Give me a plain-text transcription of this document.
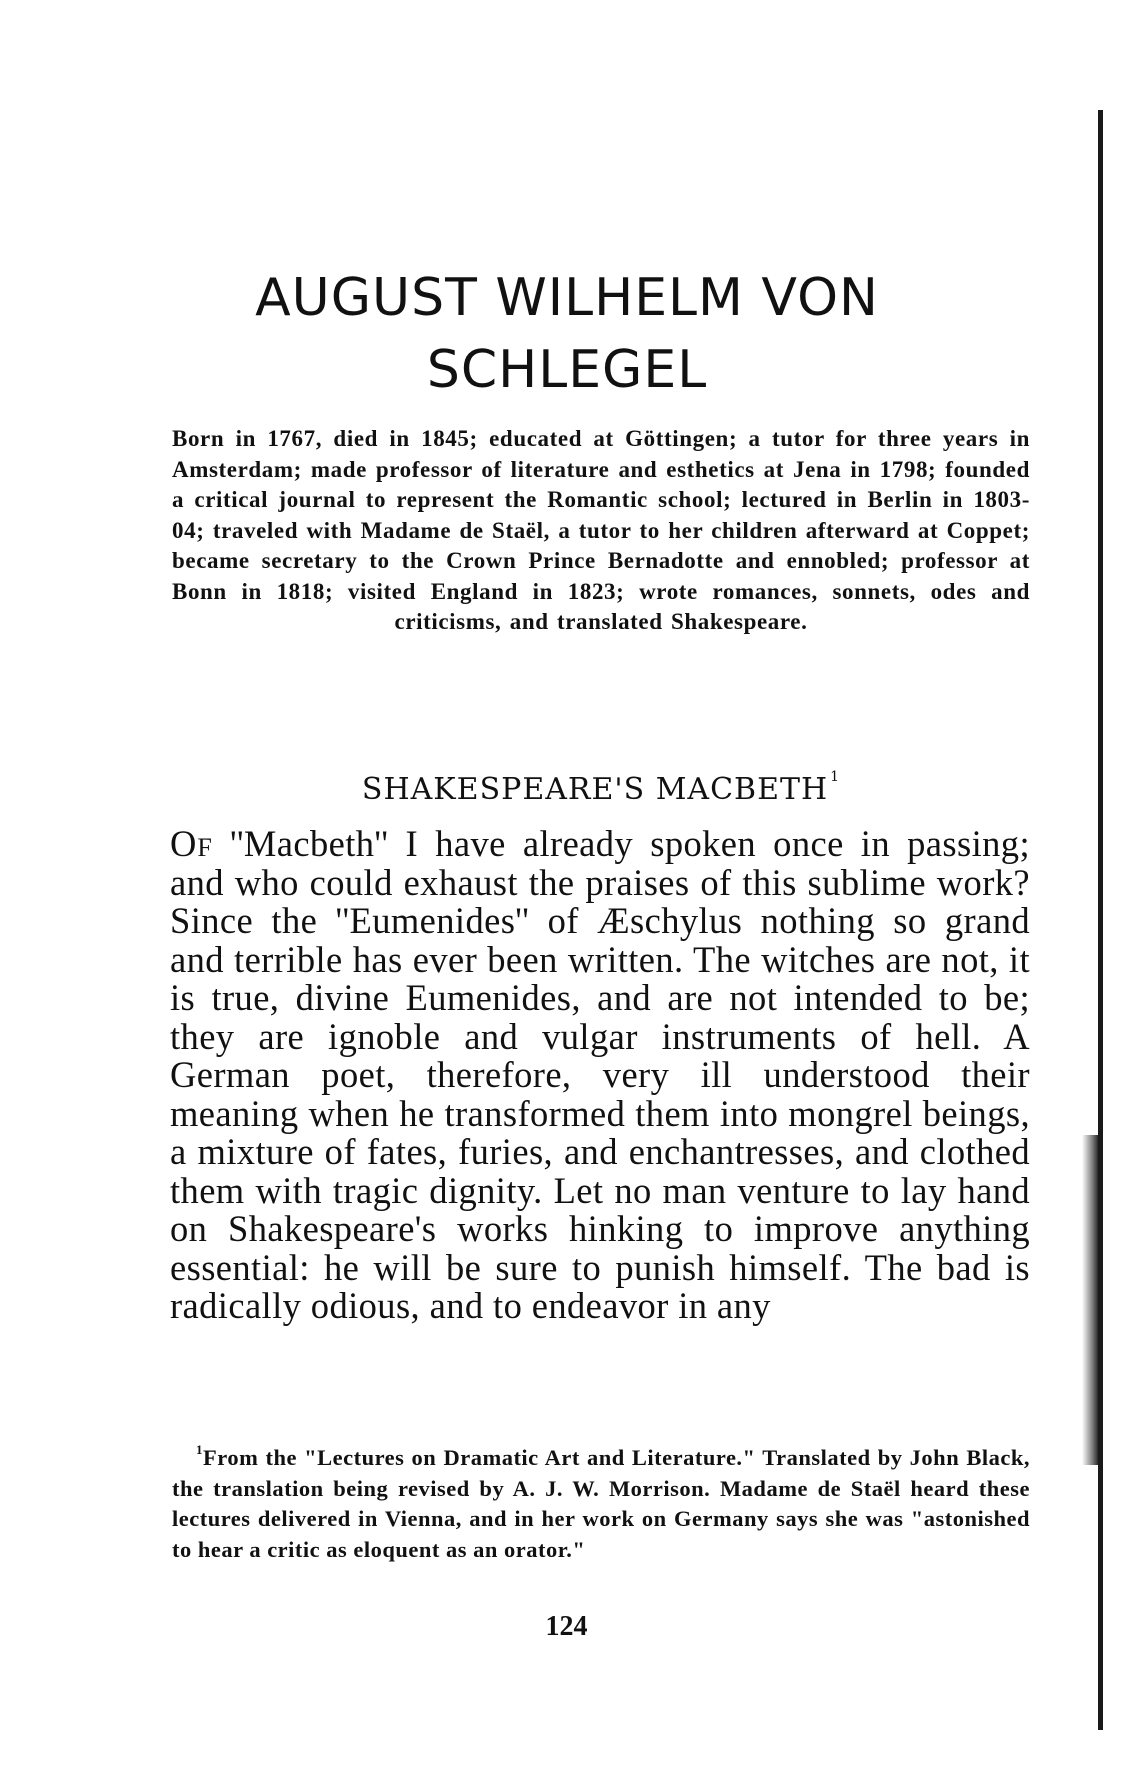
AUGUST WILHELM VON
SCHLEGEL

Born in 1767, died in 1845; educated at Göttingen; a tutor for three years in Amsterdam; made professor of literature and esthetics at Jena in 1798; founded a critical journal to represent the Romantic school; lectured in Berlin in 1803-04; traveled with Madame de Staël, a tutor to her children afterward at Coppet; became secretary to the Crown Prince Bernadotte and ennobled; professor at Bonn in 1818; visited England in 1823; wrote romances, sonnets, odes and criticisms, and translated Shakespeare.

SHAKESPEARE'S MACBETH $^1$

Of ''Macbeth'' I have already spoken once in passing; and who could exhaust the praises of this sublime work? Since the ''Eumenides'' of Æschylus nothing so grand and terrible has ever been written. The witches are not, it is true, divine Eumenides, and are not intended to be; they are ignoble and vulgar instruments of hell. A German poet, therefore, very ill understood their meaning when he transformed them into mongrel beings, a mixture of fates, furies, and enchantresses, and clothed them with tragic dignity. Let no man venture to lay hand on Shakespeare's works hinking to improve anything essential: he will be sure to punish himself. The bad is radically odious, and to endeavor in any

$^1$From the "Lectures on Dramatic Art and Literature." Translated by John Black, the translation being revised by A. J. W. Morrison. Madame de Staël heard these lectures delivered in Vienna, and in her work on Germany says she was "astonished to hear a critic as eloquent as an orator."

124
